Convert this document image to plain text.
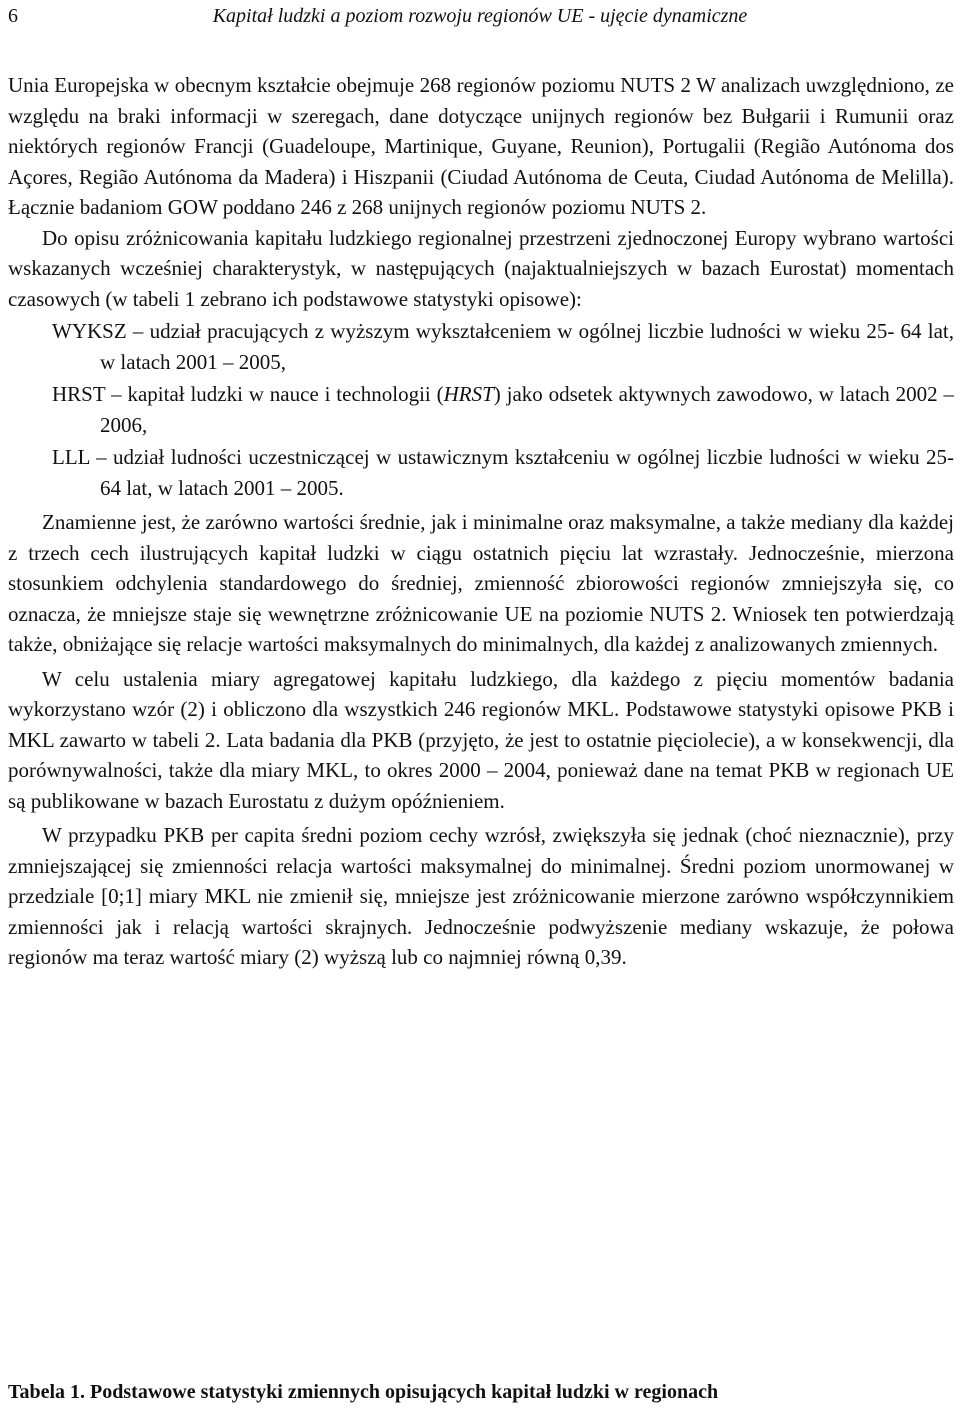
6	Kapitał ludzki a poziom rozwoju regionów UE - ujęcie dynamiczne

Unia Europejska w obecnym kształcie obejmuje 268 regionów poziomu NUTS 2 W analizach uwzględniono, ze względu na braki informacji w szeregach, dane dotyczące unijnych regionów bez Bułgarii i Rumunii oraz niektórych regionów Francji (Guadeloupe, Martinique, Guyane, Reunion), Portugalii (Região Autónoma dos Açores, Região Autónoma da Madera) i Hiszpanii (Ciudad Autónoma de Ceuta, Ciudad Autónoma de Melilla). Łącznie badaniom GOW poddano 246 z 268 unijnych regionów poziomu NUTS 2.

Do opisu zróżnicowania kapitału ludzkiego regionalnej przestrzeni zjednoczonej Europy wybrano wartości wskazanych wcześniej charakterystyk, w następujących (najaktualniejszych w bazach Eurostat) momentach czasowych (w tabeli 1 zebrano ich podstawowe statystyki opisowe):

WYKSZ – udział pracujących z wyższym wykształceniem w ogólnej liczbie ludności w wieku 25- 64 lat, w latach 2001 – 2005,
HRST – kapitał ludzki w nauce i technologii (HRST) jako odsetek aktywnych zawodowo, w latach 2002 – 2006,
LLL – udział ludności uczestniczącej w ustawicznym kształceniu w ogólnej liczbie ludności w wieku 25- 64 lat, w latach 2001 – 2005.

Znamienne jest, że zarówno wartości średnie, jak i minimalne oraz maksymalne, a także mediany dla każdej z trzech cech ilustrujących kapitał ludzki w ciągu ostatnich pięciu lat wzrastały. Jednocześnie, mierzona stosunkiem odchylenia standardowego do średniej, zmienność zbiorowości regionów zmniejszyła się, co oznacza, że mniejsze staje się wewnętrzne zróżnicowanie UE na poziomie NUTS 2. Wniosek ten potwierdzają także, obniżające się relacje wartości maksymalnych do minimalnych, dla każdej z analizowanych zmiennych.

W celu ustalenia miary agregatowej kapitału ludzkiego, dla każdego z pięciu momentów badania wykorzystano wzór (2) i obliczono dla wszystkich 246 regionów MKL. Podstawowe statystyki opisowe PKB i MKL zawarto w tabeli 2. Lata badania dla PKB (przyjęto, że jest to ostatnie pięciolecie), a w konsekwencji, dla porównywalności, także dla miary MKL, to okres 2000 – 2004, ponieważ dane na temat PKB w regionach UE są publikowane w bazach Eurostatu z dużym opóźnieniem.

W przypadku PKB per capita średni poziom cechy wzrósł, zwiększyła się jednak (choć nieznacznie), przy zmniejszającej się zmienności relacja wartości maksymalnej do minimalnej. Średni poziom unormowanej w przedziale [0;1] miary MKL nie zmienił się, mniejsze jest zróżnicowanie mierzone zarówno współczynnikiem zmienności jak i relacją wartości skrajnych. Jednocześnie podwyższenie mediany wskazuje, że połowa regionów ma teraz wartość miary (2) wyższą lub co najmniej równą 0,39.

Tabela 1. Podstawowe statystyki zmiennych opisujących kapitał ludzki w regionach
